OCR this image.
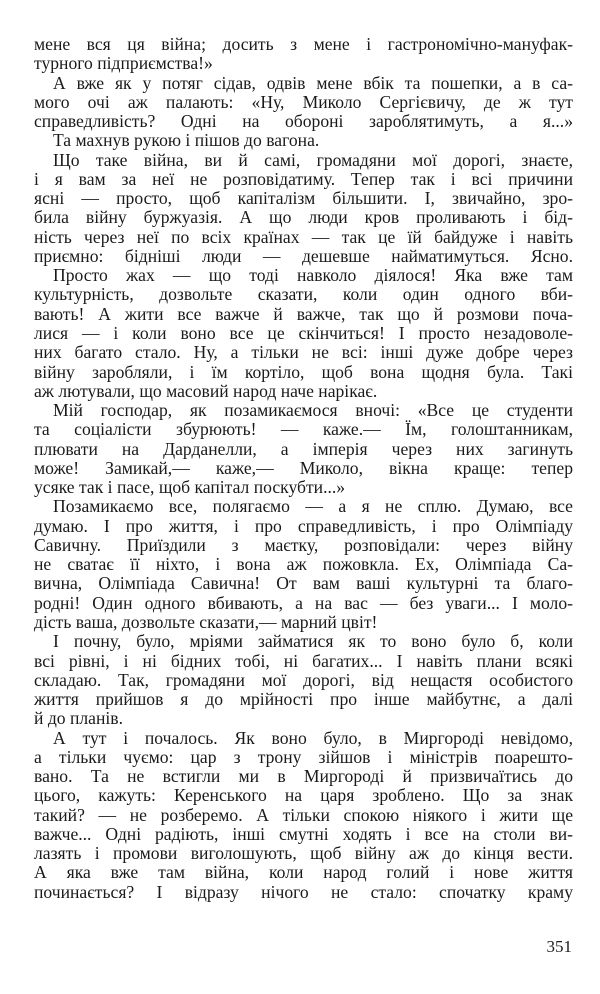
мене вся ця війна; досить з мене і гастрономічно-мануфак-
турного підприємства!»
А вже як у потяг сідав, одвів мене вбік та пошепки, а в са-
мого очі аж палають: «Ну, Миколо Сергієвичу, де ж тут
справедливість? Одні на обороні зароблятимуть, а я...»
Та махнув рукою і пішов до вагона.
Що таке війна, ви й самі, громадяни мої дорогі, знаєте,
і я вам за неї не розповідатиму. Тепер так і всі причини
ясні — просто, щоб капіталізм більшити. І, звичайно, зро-
била війну буржуазія. А що люди кров проливають і бід-
ність через неї по всіх країнах — так це їй байдуже і навіть
приємно: бідніші люди — дешевше найматимуться. Ясно.
Просто жах — що тоді навколо діялося! Яка вже там
культурність, дозвольте сказати, коли один одного вби-
вають! А жити все важче й важче, так що й розмови поча-
лися — і коли воно все це скінчиться! І просто незадоволе-
них багато стало. Ну, а тільки не всі: інші дуже добре через
війну заробляли, і їм кортіло, щоб вона щодня була. Такі
аж лютували, що масовий народ наче нарікає.
Мій господар, як позамикаємося вночі: «Все це студенти
та соціалісти збурюють! — каже.— Їм, голоштанникам,
плювати на Дарданелли, а імперія через них загинуть
може! Замикай,— каже,— Миколо, вікна краще: тепер
усяке так і пасе, щоб капітал поскубти...»
Позамикаємо все, полягаємо — а я не сплю. Думаю, все
думаю. І про життя, і про справедливість, і про Олімпіаду
Савичну. Приїздили з маєтку, розповідали: через війну
не сватає її ніхто, і вона аж пожовкла. Ех, Олімпіада Са-
вична, Олімпіада Савична! От вам ваші культурні та благо-
родні! Один одного вбивають, а на вас — без уваги... І моло-
дість ваша, дозвольте сказати,— марний цвіт!
І почну, було, мріями займатися як то воно було б, коли
всі рівні, і ні бідних тобі, ні багатих... І навіть плани всякі
складаю. Так, громадяни мої дорогі, від нещастя особистого
життя прийшов я до мрійності про інше майбутнє, а далі
й до планів.
А тут і почалось. Як воно було, в Миргороді невідомо,
а тільки чуємо: цар з трону зійшов і міністрів поарешто-
вано. Та не встигли ми в Миргороді й призвичаїтись до
цього, кажуть: Керенського на царя зроблено. Що за знак
такий? — не розберемо. А тільки спокою ніякого і жити ще
важче... Одні радіють, інші смутні ходять і все на столи ви-
лазять і промови виголошують, щоб війну аж до кінця вести.
А яка вже там війна, коли народ голий і нове життя
починається? І відразу нічого не стало: спочатку краму
351
